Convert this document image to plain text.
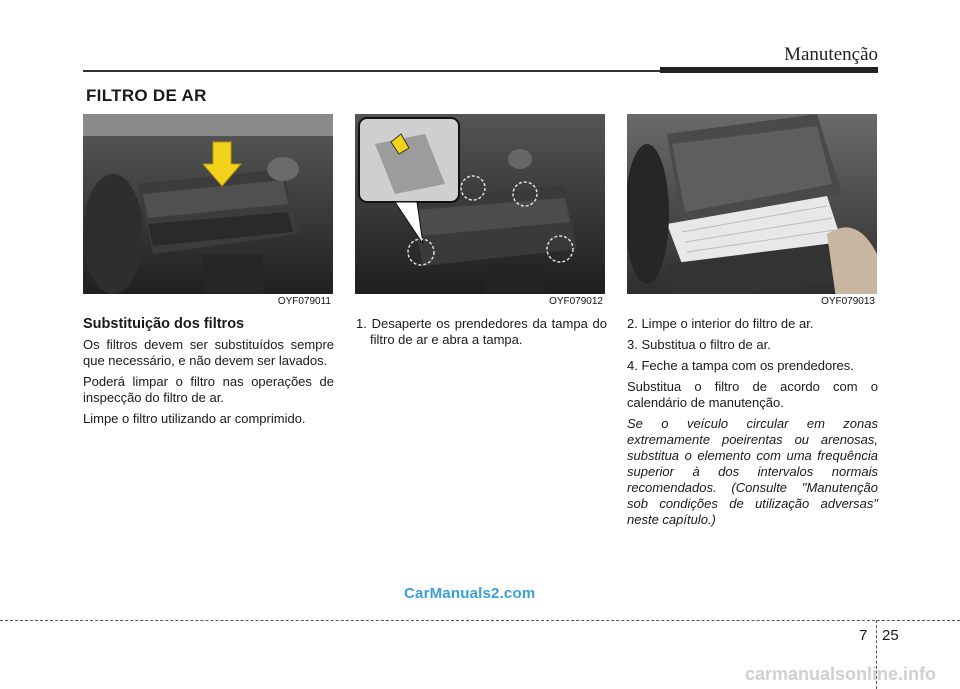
Manutenção
FILTRO DE AR
OYF079011	OYF079012	OYF079013
Substituição dos filtros

Os filtros devem ser substituídos sempre que necessário, e não devem ser lavados.

Poderá limpar o filtro nas operações de inspecção do filtro de ar.

Limpe o filtro utilizando ar comprimido.

1. Desaperte os prendedores da tampa do filtro de ar e abra a tampa.

2. Limpe o interior do filtro de ar.

3. Substitua o filtro de ar.

4. Feche a tampa com os prendedores.

Substitua o filtro de acordo com o calendário de manutenção.

Se o veículo circular em zonas extremamente poeirentas ou arenosas, substitua o elemento com uma frequência superior à dos intervalos normais recomendados. (Consulte "Manutenção sob condições de utilização adversas" neste capítulo.)

CarManuals2.com
7 25
carmanualsonline.info
